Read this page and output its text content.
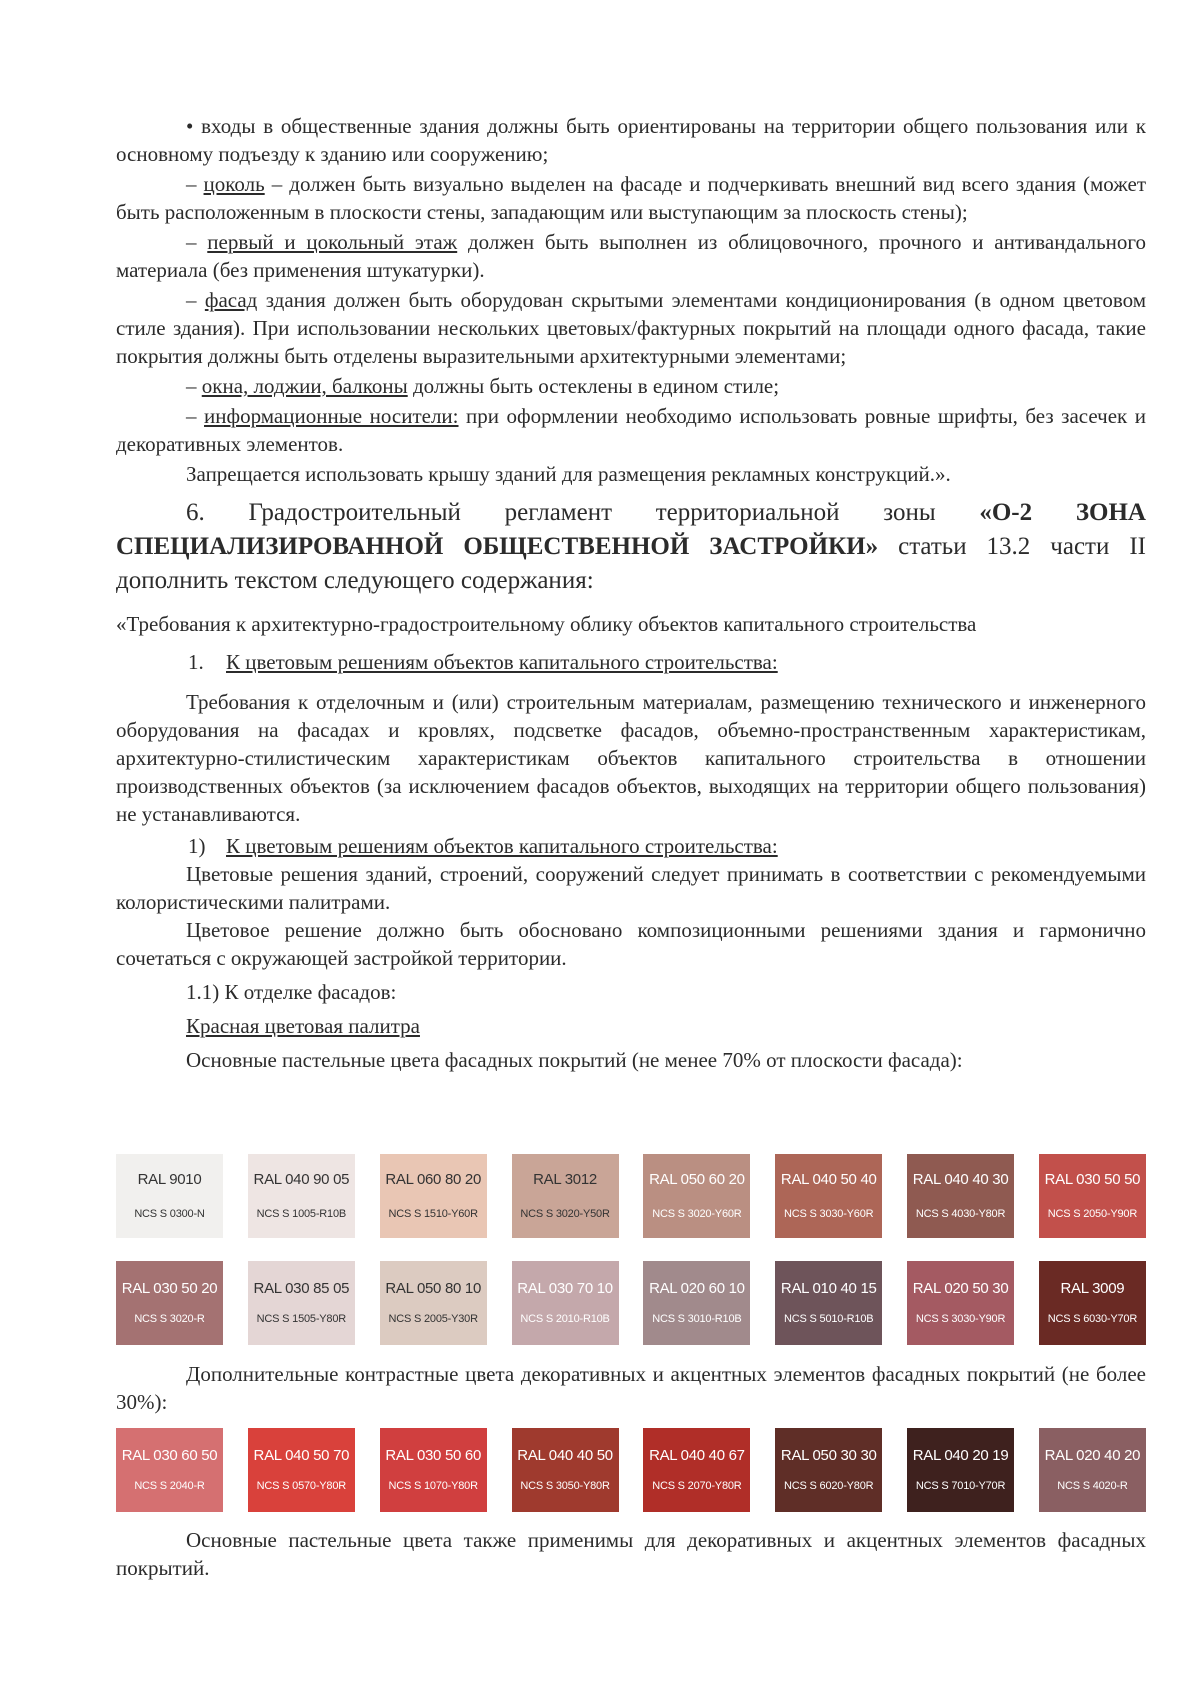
• входы в общественные здания должны быть ориентированы на территории общего пользования или к основному подъезду к зданию или сооружению;

– цоколь – должен быть визуально выделен на фасаде и подчеркивать внешний вид всего здания (может быть расположенным в плоскости стены, западающим или выступающим за плоскость стены);

– первый и цокольный этаж должен быть выполнен из облицовочного, прочного и антивандального материала (без применения штукатурки).

– фасад здания должен быть оборудован скрытыми элементами кондиционирования (в одном цветовом стиле здания). При использовании нескольких цветовых/фактурных покрытий на площади одного фасада, такие покрытия должны быть отделены выразительными архитектурными элементами;

– окна, лоджии, балконы должны быть остеклены в едином стиле;

– информационные носители: при оформлении необходимо использовать ровные шрифты, без засечек и декоративных элементов.

Запрещается использовать крышу зданий для размещения рекламных конструкций.».

6. Градостроительный регламент территориальной зоны «О-2 ЗОНА СПЕЦИАЛИЗИРОВАННОЙ ОБЩЕСТВЕННОЙ ЗАСТРОЙКИ» статьи 13.2 части II дополнить текстом следующего содержания:

«Требования к архитектурно-градостроительному облику объектов капитального строительства

1. К цветовым решениям объектов капитального строительства:

Требования к отделочным и (или) строительным материалам, размещению технического и инженерного оборудования на фасадах и кровлях, подсветке фасадов, объемно-пространственным характеристикам, архитектурно-стилистическим характеристикам объектов капитального строительства в отношении производственных объектов (за исключением фасадов объектов, выходящих на территории общего пользования) не устанавливаются.

1) К цветовым решениям объектов капитального строительства:

Цветовые решения зданий, строений, сооружений следует принимать в соответствии с рекомендуемыми колористическими палитрами.

Цветовое решение должно быть обосновано композиционными решениями здания и гармонично сочетаться с окружающей застройкой территории.

1.1) К отделке фасадов:

Красная цветовая палитра

Основные пастельные цвета фасадных покрытий (не менее 70% от плоскости фасада):

RAL 9010
NCS S 0300-N
RAL 040 90 05
NCS S 1005-R10B
RAL 060 80 20
NCS S 1510-Y60R
RAL 3012
NCS S 3020-Y50R
RAL 050 60 20
NCS S 3020-Y60R
RAL 040 50 40
NCS S 3030-Y60R
RAL 040 40 30
NCS S 4030-Y80R
RAL 030 50 50
NCS S 2050-Y90R
RAL 030 50 20
NCS S 3020-R
RAL 030 85 05
NCS S 1505-Y80R
RAL 050 80 10
NCS S 2005-Y30R
RAL 030 70 10
NCS S 2010-R10B
RAL 020 60 10
NCS S 3010-R10B
RAL 010 40 15
NCS S 5010-R10B
RAL 020 50 30
NCS S 3030-Y90R
RAL 3009
NCS S 6030-Y70R

Дополнительные контрастные цвета декоративных и акцентных элементов фасадных покрытий (не более 30%):

RAL 030 60 50
NCS S 2040-R
RAL 040 50 70
NCS S 0570-Y80R
RAL 030 50 60
NCS S 1070-Y80R
RAL 040 40 50
NCS S 3050-Y80R
RAL 040 40 67
NCS S 2070-Y80R
RAL 050 30 30
NCS S 6020-Y80R
RAL 040 20 19
NCS S 7010-Y70R
RAL 020 40 20
NCS S 4020-R

Основные пастельные цвета также применимы для декоративных и акцентных элементов фасадных покрытий.
